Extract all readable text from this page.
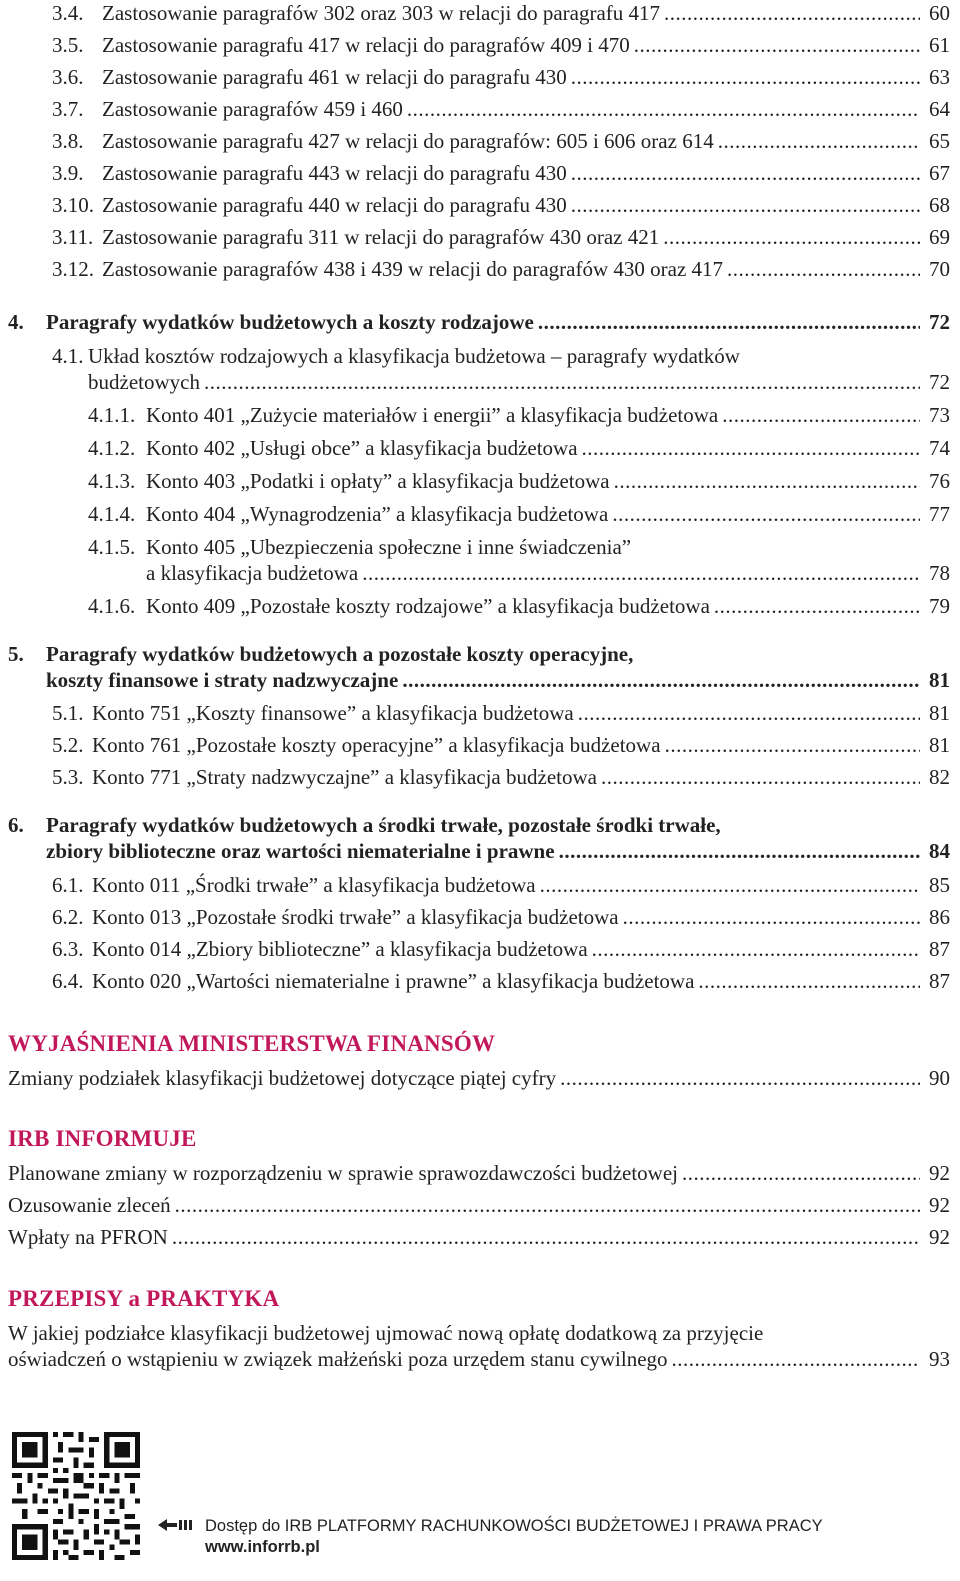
3.4. Zastosowanie paragrafów 302 oraz 303 w relacji do paragrafu 417 .....	60
3.5. Zastosowanie paragrafu 417 w relacji do paragrafów 409 i 470 .....	61
3.6. Zastosowanie paragrafu 461 w relacji do paragrafu 430 .....	63
3.7. Zastosowanie paragrafów 459 i 460 .....	64
3.8. Zastosowanie paragrafu 427 w relacji do paragrafów: 605 i 606 oraz 614 .....	65
3.9. Zastosowanie paragrafu 443 w relacji do paragrafu 430 .....	67
3.10. Zastosowanie paragrafu 440 w relacji do paragrafu 430 .....	68
3.11. Zastosowanie paragrafu 311 w relacji do paragrafów 430 oraz 421 .....	69
3.12. Zastosowanie paragrafów 438 i 439 w relacji do paragrafów 430 oraz 417 .....	70
4.	Paragrafy wydatków budżetowych a koszty rodzajowe .....	72
4.1. Układ kosztów rodzajowych a klasyfikacja budżetowa – paragrafy wydatków
budżetowych .....	72
4.1.1. Konto 401 „Zużycie materiałów i energii” a klasyfikacja budżetowa .....	73
4.1.2. Konto 402 „Usługi obce” a klasyfikacja budżetowa .....	74
4.1.3. Konto 403 „Podatki i opłaty” a klasyfikacja budżetowa .....	76
4.1.4. Konto 404 „Wynagrodzenia” a klasyfikacja budżetowa .....	77
4.1.5. Konto 405 „Ubezpieczenia społeczne i inne świadczenia”
a klasyfikacja budżetowa .....	78
4.1.6. Konto 409 „Pozostałe koszty rodzajowe” a klasyfikacja budżetowa .....	79
5.	Paragrafy wydatków budżetowych a pozostałe koszty operacyjne,
koszty finansowe i straty nadzwyczajne .....	81
5.1. Konto 751 „Koszty finansowe” a klasyfikacja budżetowa .....	81
5.2. Konto 761 „Pozostałe koszty operacyjne” a klasyfikacja budżetowa .....	81
5.3. Konto 771 „Straty nadzwyczajne” a klasyfikacja budżetowa .....	82
6.	Paragrafy wydatków budżetowych a środki trwałe, pozostałe środki trwałe,
zbiory biblioteczne oraz wartości niematerialne i prawne .....	84
6.1. Konto 011 „Środki trwałe” a klasyfikacja budżetowa .....	85
6.2. Konto 013 „Pozostałe środki trwałe” a klasyfikacja budżetowa .....	86
6.3. Konto 014 „Zbiory biblioteczne” a klasyfikacja budżetowa .....	87
6.4. Konto 020 „Wartości niematerialne i prawne” a klasyfikacja budżetowa .....	87
WYJAŚNIENIA MINISTERSTWA FINANSÓW
Zmiany podziałek klasyfikacji budżetowej dotyczące piątej cyfry .....	90
IRB INFORMUJE
Planowane zmiany w rozporządzeniu w sprawie sprawozdawczości budżetowej .....	92
Ozusowanie zleceń .....	92
Wpłaty na PFRON .....	92
PRZEPISY a PRAKTYKA
W jakiej podziałce klasyfikacji budżetowej ujmować nową opłatę dodatkową za przyjęcie
oświadczeń o wstąpieniu w związek małżeński poza urzędem stanu cywilnego .....	93
Dostęp do IRB PLATFORMY RACHUNKOWOŚCI BUDŻETOWEJ I PRAWA PRACY
www.inforrb.pl
